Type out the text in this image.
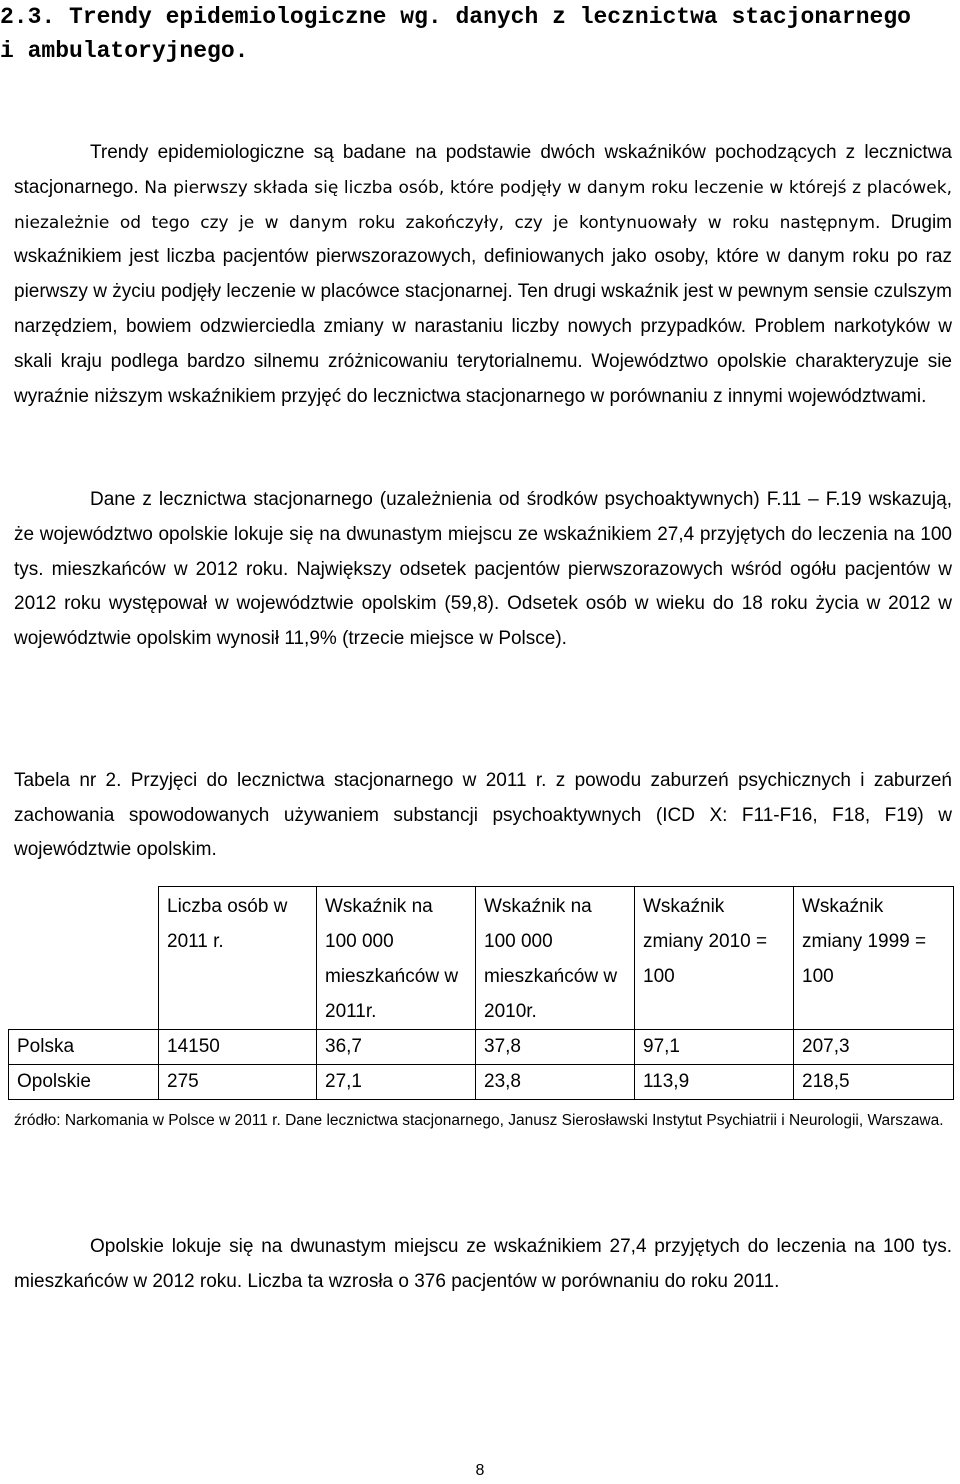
2.3. Trendy epidemiologiczne wg. danych z lecznictwa stacjonarnego
i ambulatoryjnego.

Trendy epidemiologiczne są badane na podstawie dwóch wskaźników pochodzących z lecznictwa stacjonarnego. Na pierwszy składa się liczba osób, które podjęły w danym roku leczenie w którejś z placówek, niezależnie od tego czy je w danym roku zakończyły, czy je kontynuowały w roku następnym. Drugim wskaźnikiem jest liczba pacjentów pierwszorazowych, definiowanych jako osoby, które w danym roku po raz pierwszy w życiu podjęły leczenie w placówce stacjonarnej. Ten drugi wskaźnik jest w pewnym sensie czulszym narzędziem, bowiem odzwierciedla zmiany w narastaniu liczby nowych przypadków. Problem narkotyków w skali kraju podlega bardzo silnemu zróżnicowaniu terytorialnemu. Województwo opolskie charakteryzuje sie wyraźnie niższym wskaźnikiem przyjęć do lecznictwa stacjonarnego w porównaniu z innymi województwami.

Dane z lecznictwa stacjonarnego (uzależnienia od środków psychoaktywnych) F.11 – F.19 wskazują, że województwo opolskie lokuje się na dwunastym miejscu ze wskaźnikiem 27,4 przyjętych do leczenia na 100 tys. mieszkańców w 2012 roku. Największy odsetek pacjentów pierwszorazowych wśród ogółu pacjentów w 2012 roku występował w województwie opolskim (59,8). Odsetek osób w wieku do 18 roku życia w 2012 w województwie opolskim wynosił 11,9% (trzecie miejsce w Polsce).

Tabela nr 2. Przyjęci do lecznictwa stacjonarnego w 2011 r. z powodu zaburzeń psychicznych i zaburzeń zachowania spowodowanych używaniem substancji psychoaktywnych (ICD X: F11-F16, F18, F19) w województwie opolskim.

	Liczba osób w 2011 r.	Wskaźnik na 100 000 mieszkańców w 2011r.	Wskaźnik na 100 000 mieszkańców w 2010r.	Wskaźnik zmiany 2010 = 100	Wskaźnik zmiany 1999 = 100
Polska	14150	36,7	37,8	97,1	207,3
Opolskie	275	27,1	23,8	113,9	218,5

źródło: Narkomania w Polsce w 2011 r. Dane lecznictwa stacjonarnego, Janusz Sierosławski Instytut Psychiatrii i Neurologii, Warszawa.

Opolskie lokuje się na dwunastym miejscu ze wskaźnikiem 27,4 przyjętych do leczenia na 100 tys. mieszkańców w 2012 roku. Liczba ta wzrosła o 376 pacjentów w porównaniu do roku 2011.

8
